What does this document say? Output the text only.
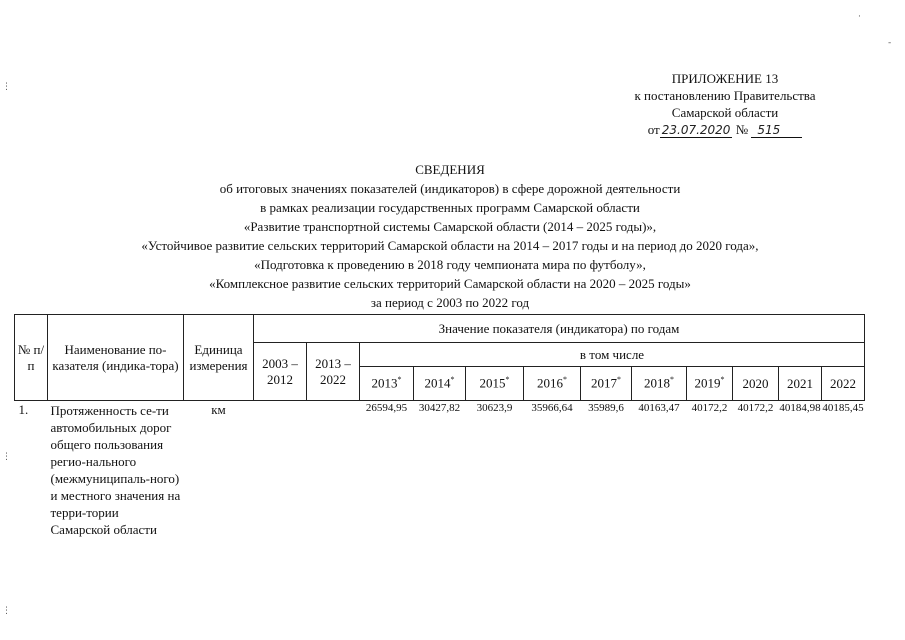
·
-
ПРИЛОЖЕНИЕ 13
к постановлению Правительства
Самарской области
от 23.07.2020 № 515
СВЕДЕНИЯ
об итоговых значениях показателей (индикаторов) в сфере дорожной деятельности
в рамках реализации государственных программ Самарской области
«Развитие транспортной системы Самарской области (2014 – 2025 годы)»,
«Устойчивое развитие сельских территорий Самарской области на 2014 – 2017 годы и на период до 2020 года»,
«Подготовка к проведению в 2018 году чемпионата мира по футболу»,
«Комплексное развитие сельских территорий Самарской области на 2020 – 2025 годы»
за период с 2003 по 2022 год
№ п/п	Наименование по-казателя (индика-тора)	Единица измерения	Значение показателя (индикатора) по годам											
			2003 – 2012	2013 – 2022	в том числе									
					2013*	2014*	2015*	2016*	2017*	2018*	2019*	2020	2021	2022
1.	Протяженность се-ти автомобильных дорог общего пользования регио-нального (межмуниципаль-ного) и местного значения на терри-тории Самарской области	км			26594,95	30427,82	30623,9	35966,64	35989,6	40163,47	40172,2	40172,2	40184,98	40185,45
⋮
⋮
⋮
